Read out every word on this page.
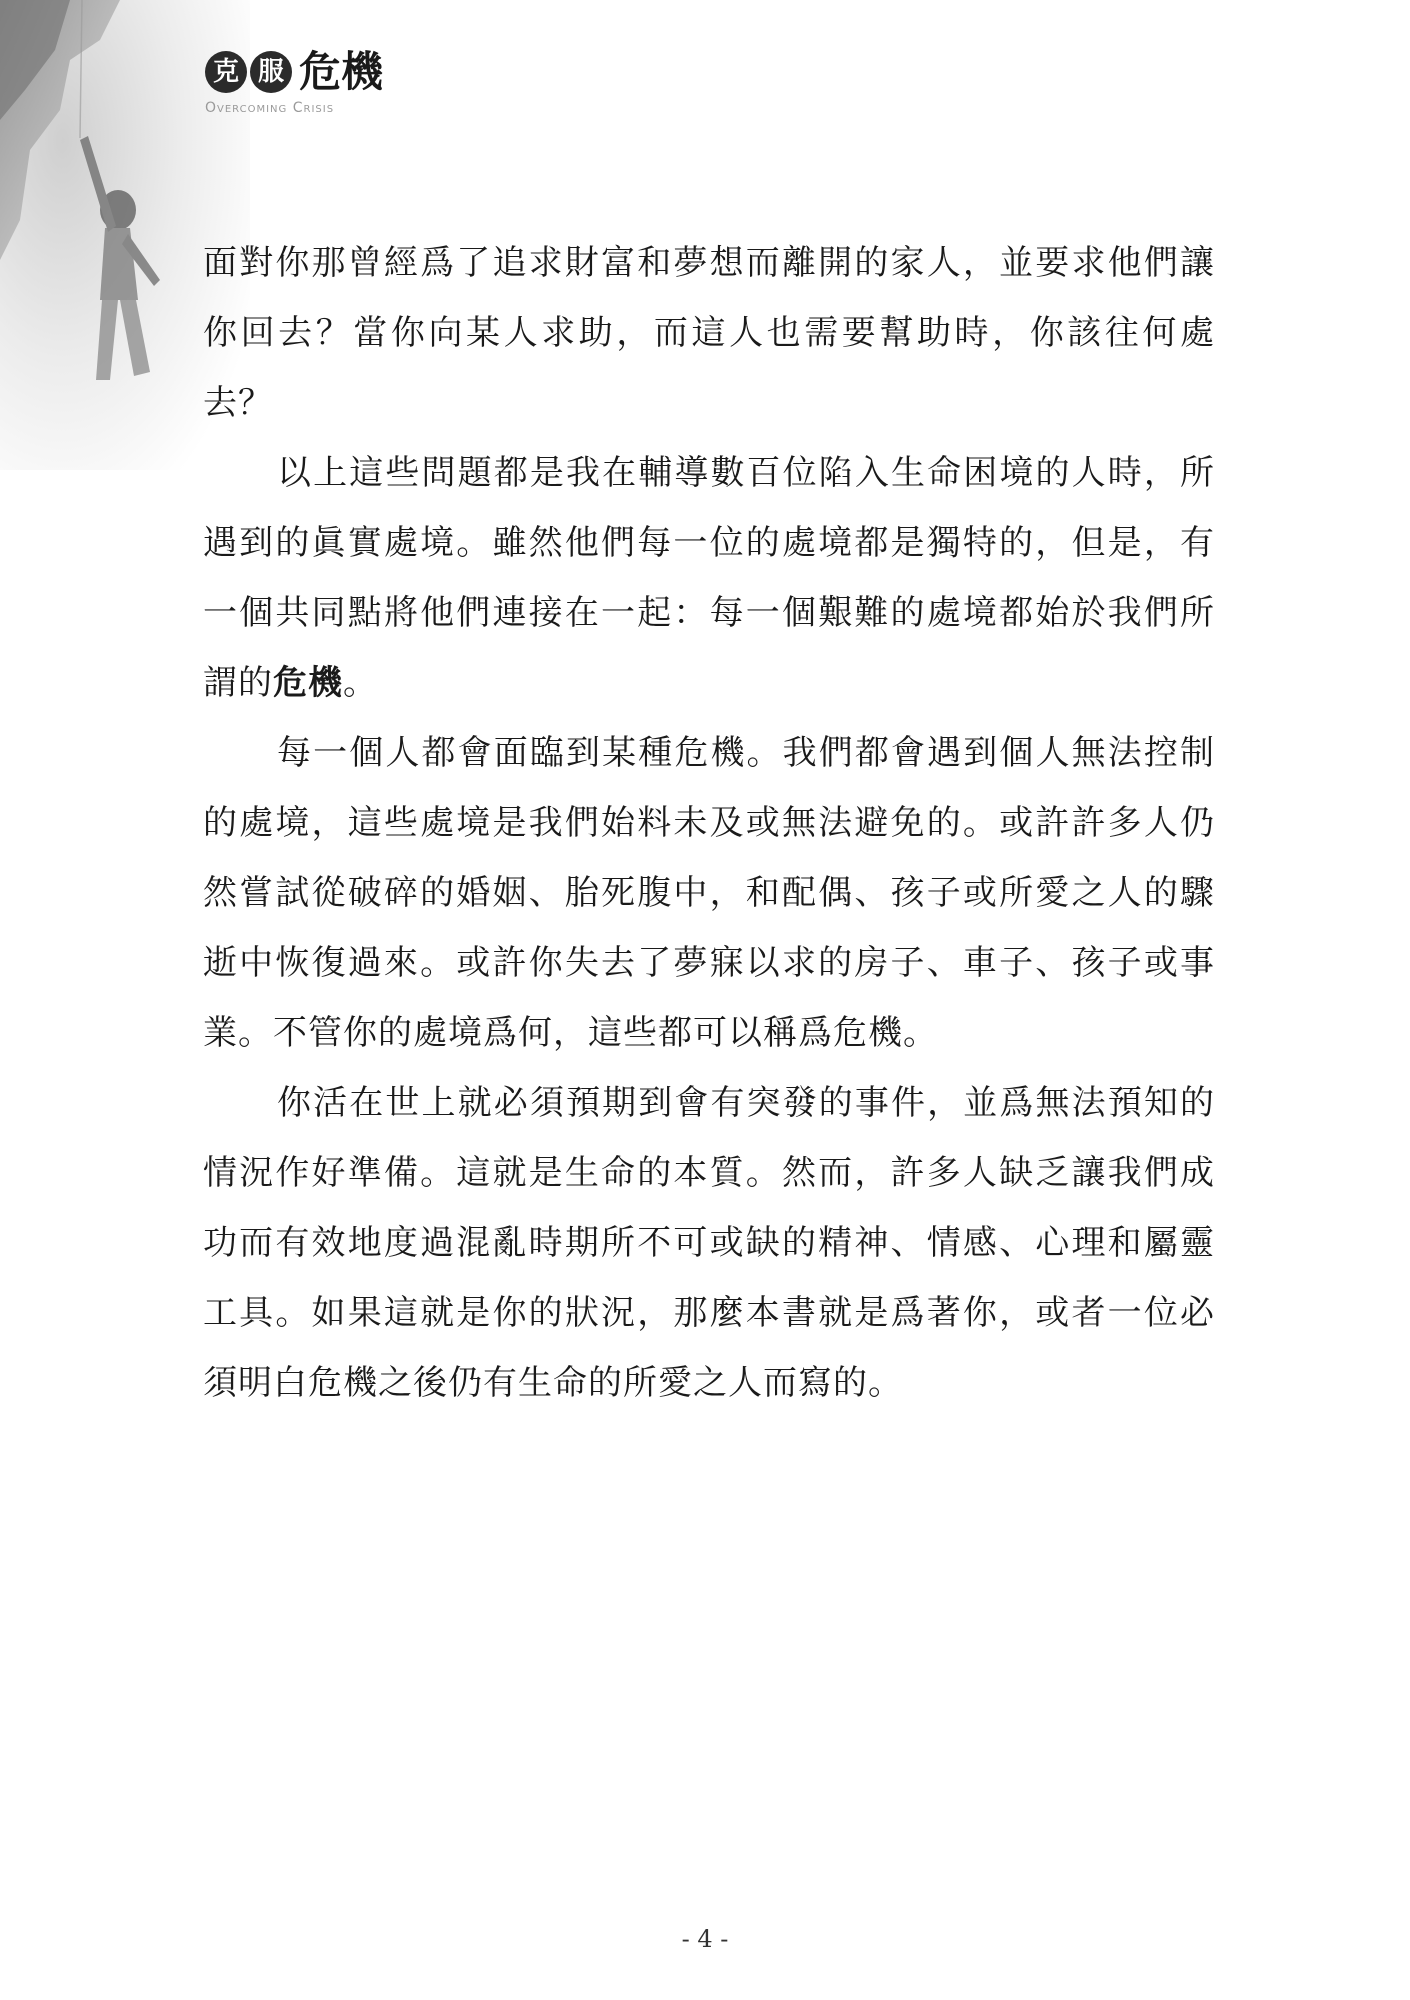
克 服 危機
Overcoming Crisis

面對你那曾經爲了追求財富和夢想而離開的家人，並要求他們讓你回去？當你向某人求助，而這人也需要幫助時，你該往何處去？

以上這些問題都是我在輔導數百位陷入生命困境的人時，所遇到的眞實處境。雖然他們每一位的處境都是獨特的，但是，有一個共同點將他們連接在一起：每一個艱難的處境都始於我們所謂的危機。

每一個人都會面臨到某種危機。我們都會遇到個人無法控制的處境，這些處境是我們始料未及或無法避免的。或許許多人仍然嘗試從破碎的婚姻、胎死腹中，和配偶、孩子或所愛之人的驟逝中恢復過來。或許你失去了夢寐以求的房子、車子、孩子或事業。不管你的處境爲何，這些都可以稱爲危機。

你活在世上就必須預期到會有突發的事件，並爲無法預知的情況作好準備。這就是生命的本質。然而，許多人缺乏讓我們成功而有效地度過混亂時期所不可或缺的精神、情感、心理和屬靈工具。如果這就是你的狀況，那麼本書就是爲著你，或者一位必須明白危機之後仍有生命的所愛之人而寫的。

- 4 -
